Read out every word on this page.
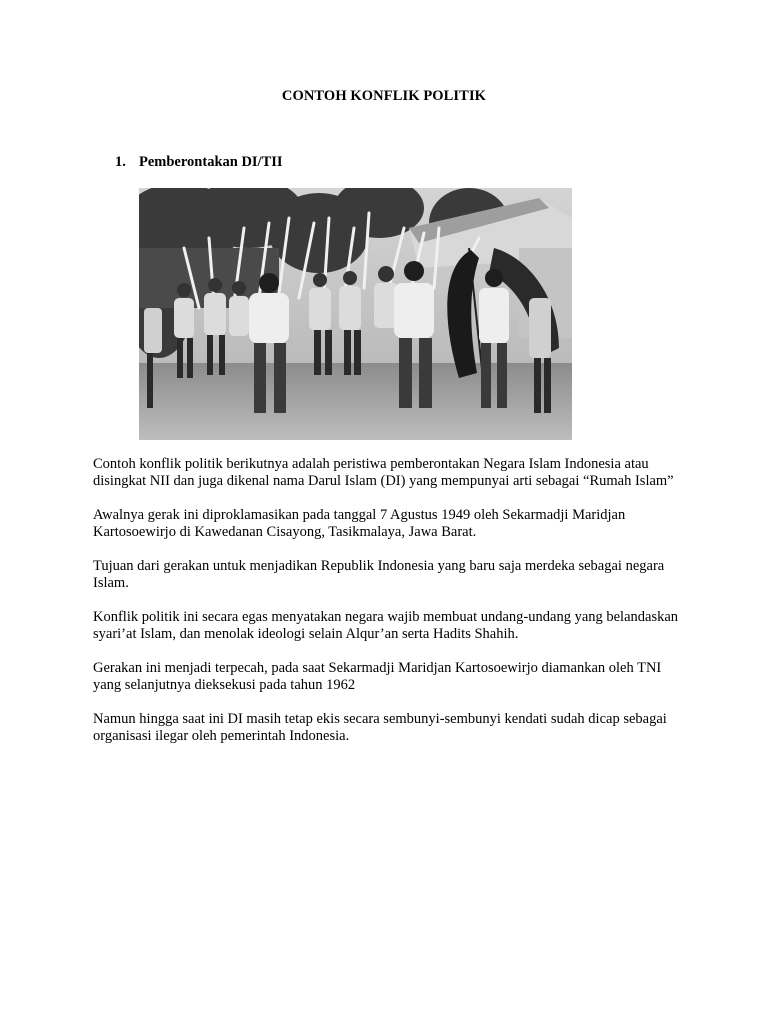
CONTOH KONFLIK POLITIK
1. Pemberontakan DI/TII

Contoh konflik politik berikutnya adalah peristiwa pemberontakan Negara Islam Indonesia atau disingkat NII dan juga dikenal nama Darul Islam (DI) yang mempunyai arti sebagai “Rumah Islam”

Awalnya gerak ini diproklamasikan pada tanggal 7 Agustus 1949 oleh Sekarmadji Maridjan Kartosoewirjo di Kawedanan Cisayong, Tasikmalaya, Jawa Barat.

Tujuan dari gerakan untuk menjadikan Republik Indonesia yang baru saja merdeka sebagai negara Islam.

Konflik politik ini secara egas menyatakan negara wajib membuat undang-undang yang belandaskan syari’at Islam, dan menolak ideologi selain Alqur’an serta Hadits Shahih.

Gerakan ini menjadi terpecah, pada saat Sekarmadji Maridjan Kartosoewirjo diamankan oleh TNI yang selanjutnya dieksekusi pada tahun 1962

Namun hingga saat ini DI masih tetap ekis secara sembunyi-sembunyi kendati sudah dicap sebagai organisasi ilegar oleh pemerintah Indonesia.
